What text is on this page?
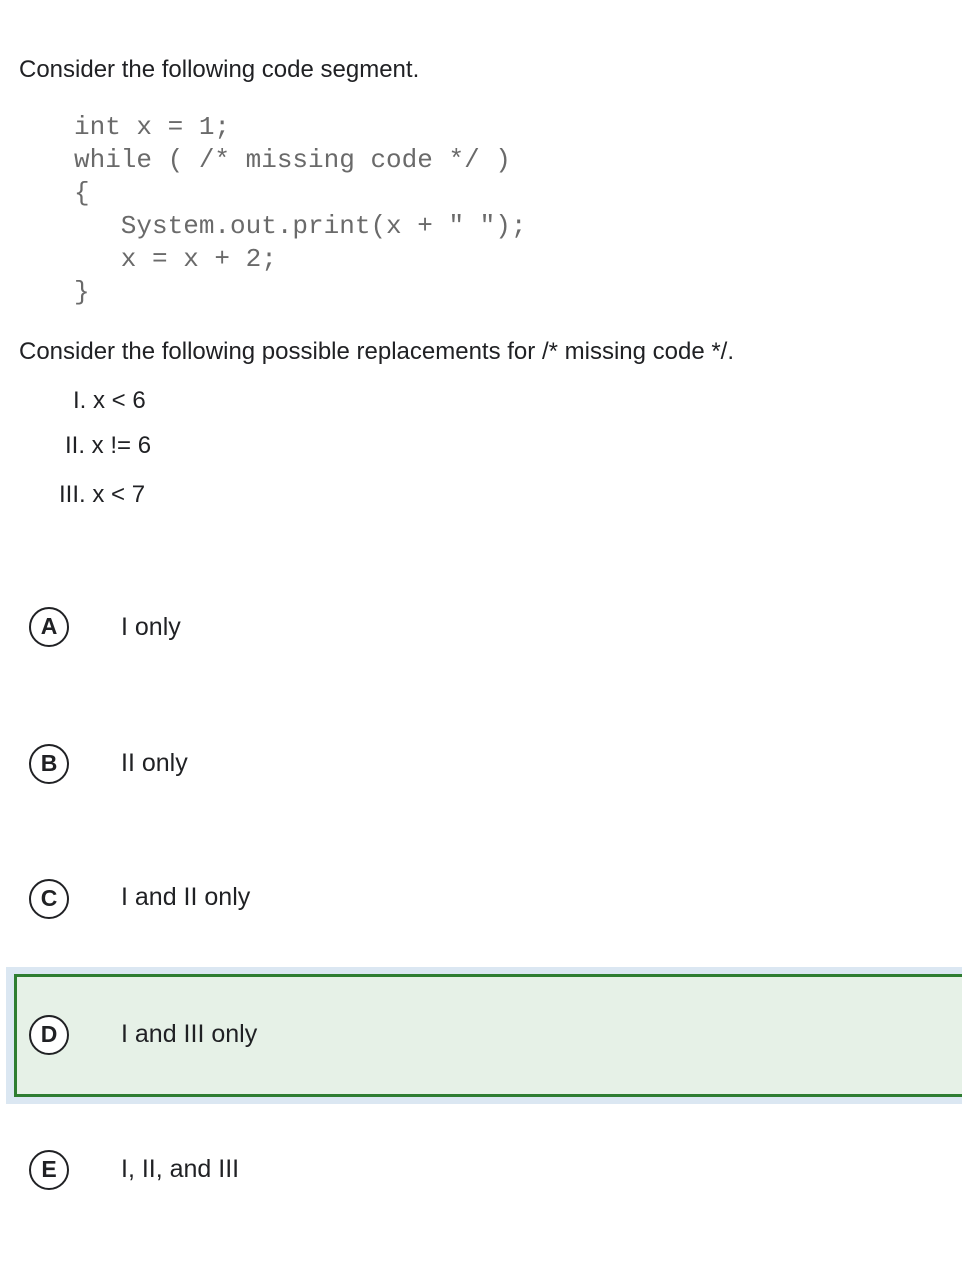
Consider the following code segment.
int x = 1;
while ( /* missing code */ )
{
System.out.print(x + " ");
x = x + 2;
}
Consider the following possible replacements for /* missing code */.
I. x < 6
II. x != 6
III. x < 7
A	I only
B	II only
C	I and II only
D	I and III only
E	I, II, and III
